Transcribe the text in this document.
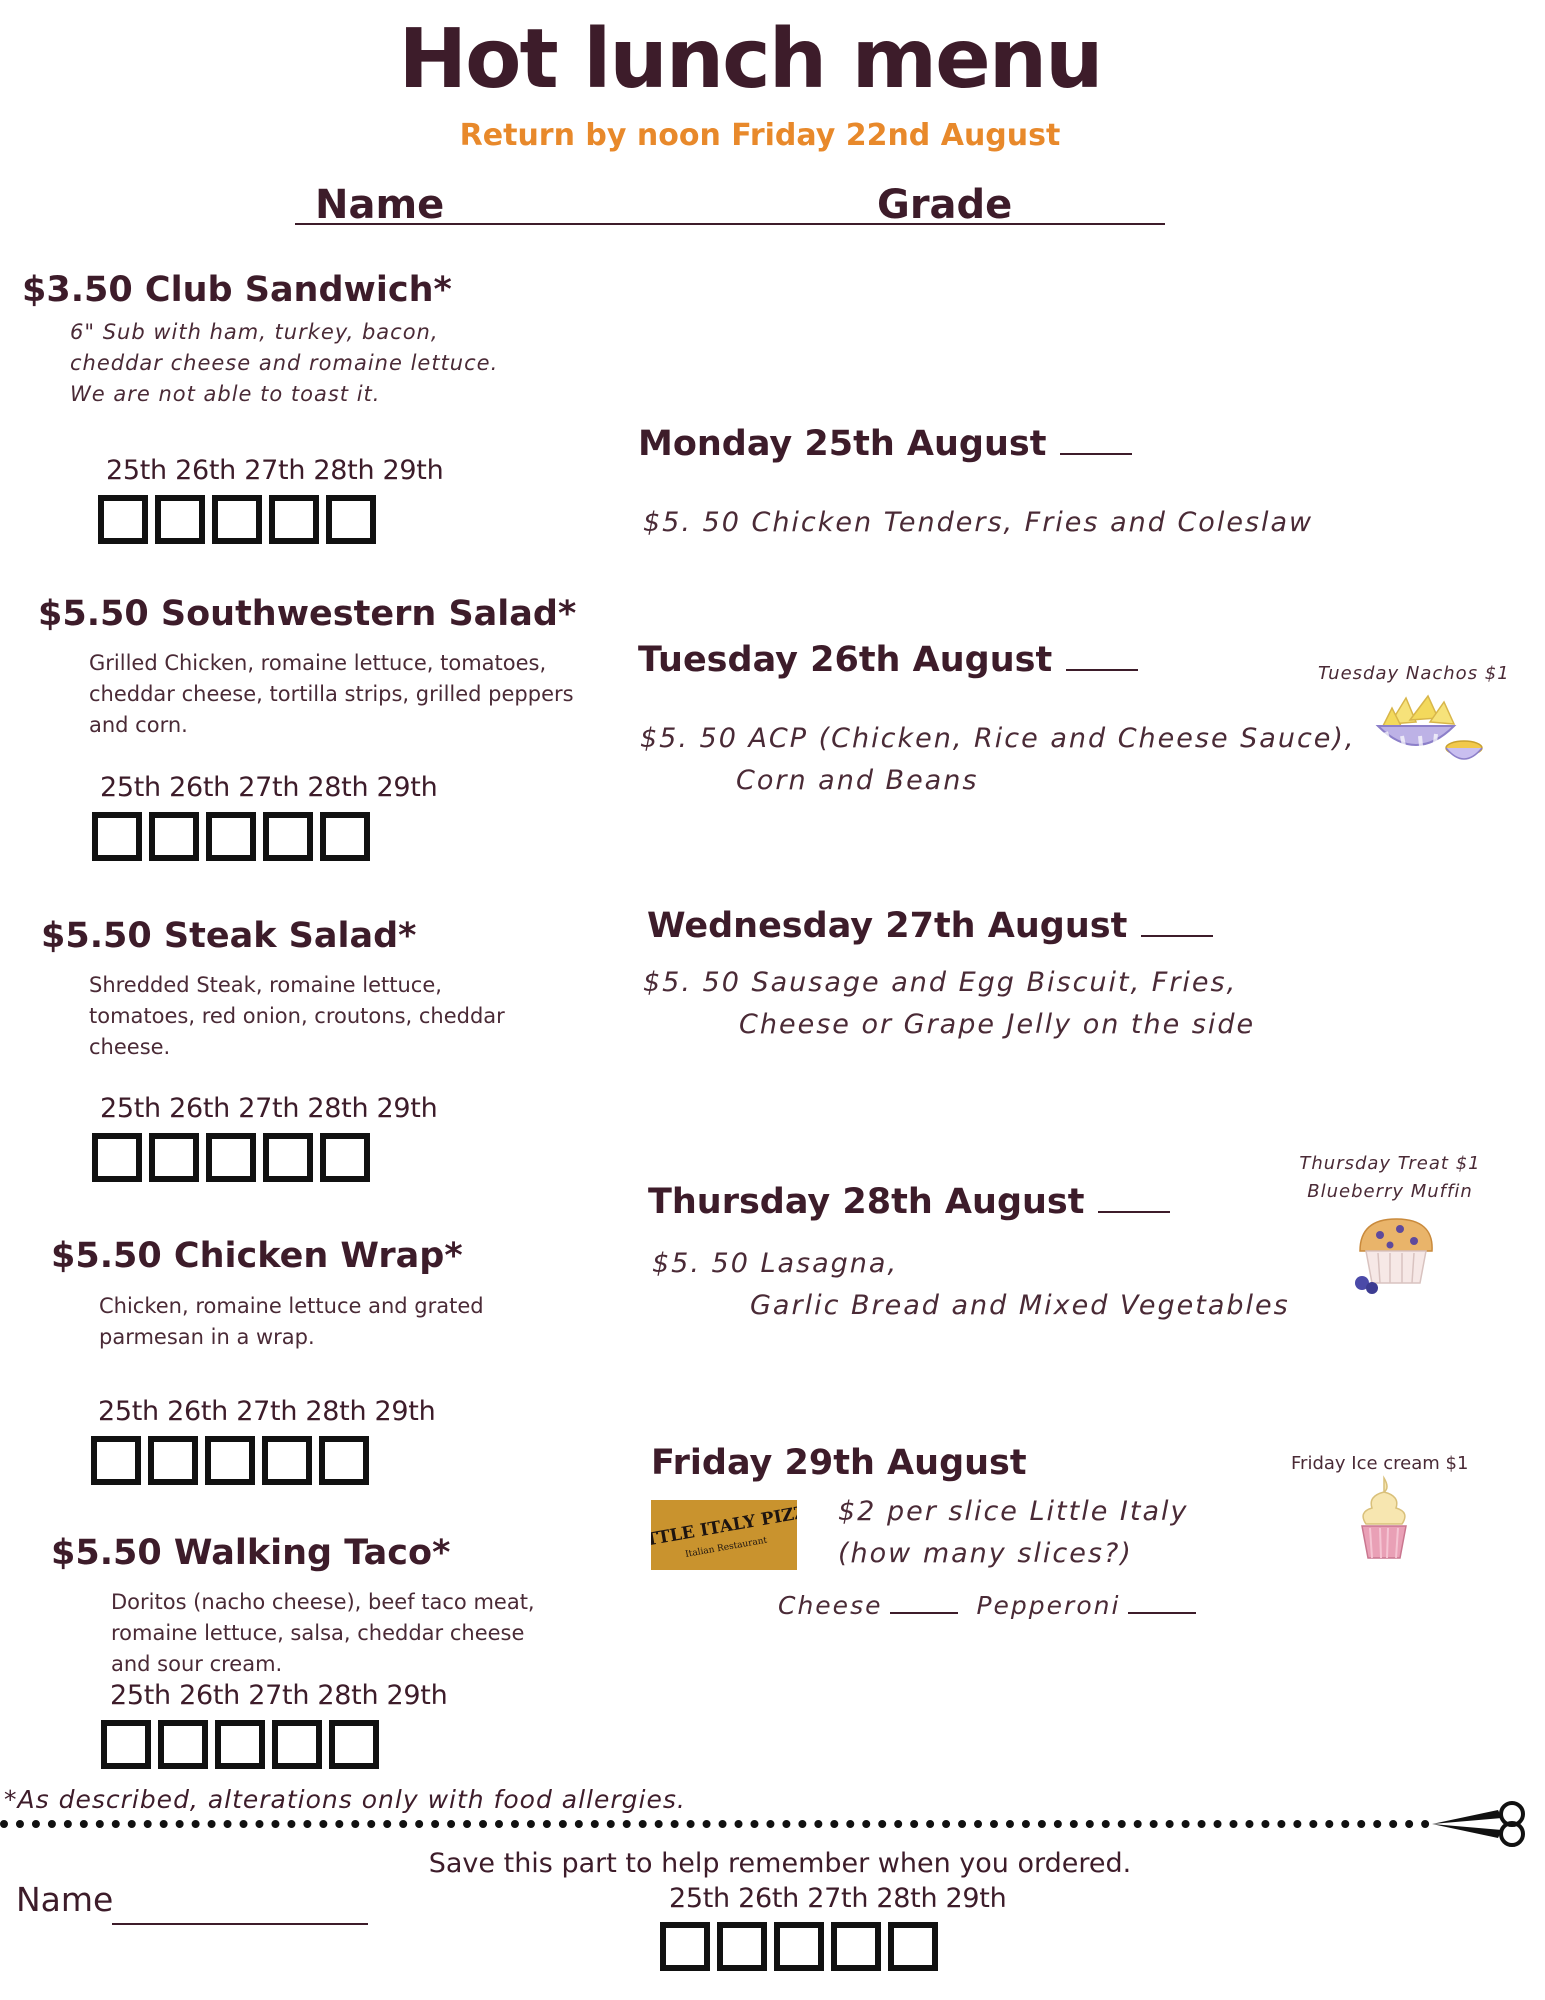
Hot lunch menu
Return by noon Friday 22nd August
Name	Grade
$3.50 Club Sandwich*
6" Sub with ham, turkey, bacon,
cheddar cheese and romaine lettuce.
We are not able to toast it.
25th 26th 27th 28th 29th
$5.50 Southwestern Salad*
Grilled Chicken, romaine lettuce, tomatoes,
cheddar cheese, tortilla strips, grilled peppers
and corn.
25th 26th 27th 28th 29th
$5.50 Steak Salad*
Shredded Steak, romaine lettuce,
tomatoes, red onion, croutons, cheddar
cheese.
25th 26th 27th 28th 29th
$5.50 Chicken Wrap*
Chicken, romaine lettuce and grated
parmesan in a wrap.
25th 26th 27th 28th 29th
$5.50 Walking Taco*
Doritos (nacho cheese), beef taco meat,
romaine lettuce, salsa, cheddar cheese
and sour cream.
25th 26th 27th 28th 29th
Monday 25th August
$5. 50 Chicken Tenders, Fries and Coleslaw
Tuesday 26th August
$5. 50 ACP (Chicken, Rice and Cheese Sauce),
Corn and Beans
Tuesday Nachos $1
Wednesday 27th August
$5. 50 Sausage and Egg Biscuit, Fries,
Cheese or Grape Jelly on the side
Thursday 28th August
$5. 50 Lasagna,
Garlic Bread and Mixed Vegetables
Thursday Treat $1
Blueberry Muffin
Friday 29th August
LITTLE ITALY PIZZA
Italian Restaurant
$2 per slice Little Italy
(how many slices?)
Cheese	Pepperoni
Friday Ice cream $1
*As described, alterations only with food allergies.
Name
Save this part to help remember when you ordered.
25th 26th 27th 28th 29th
